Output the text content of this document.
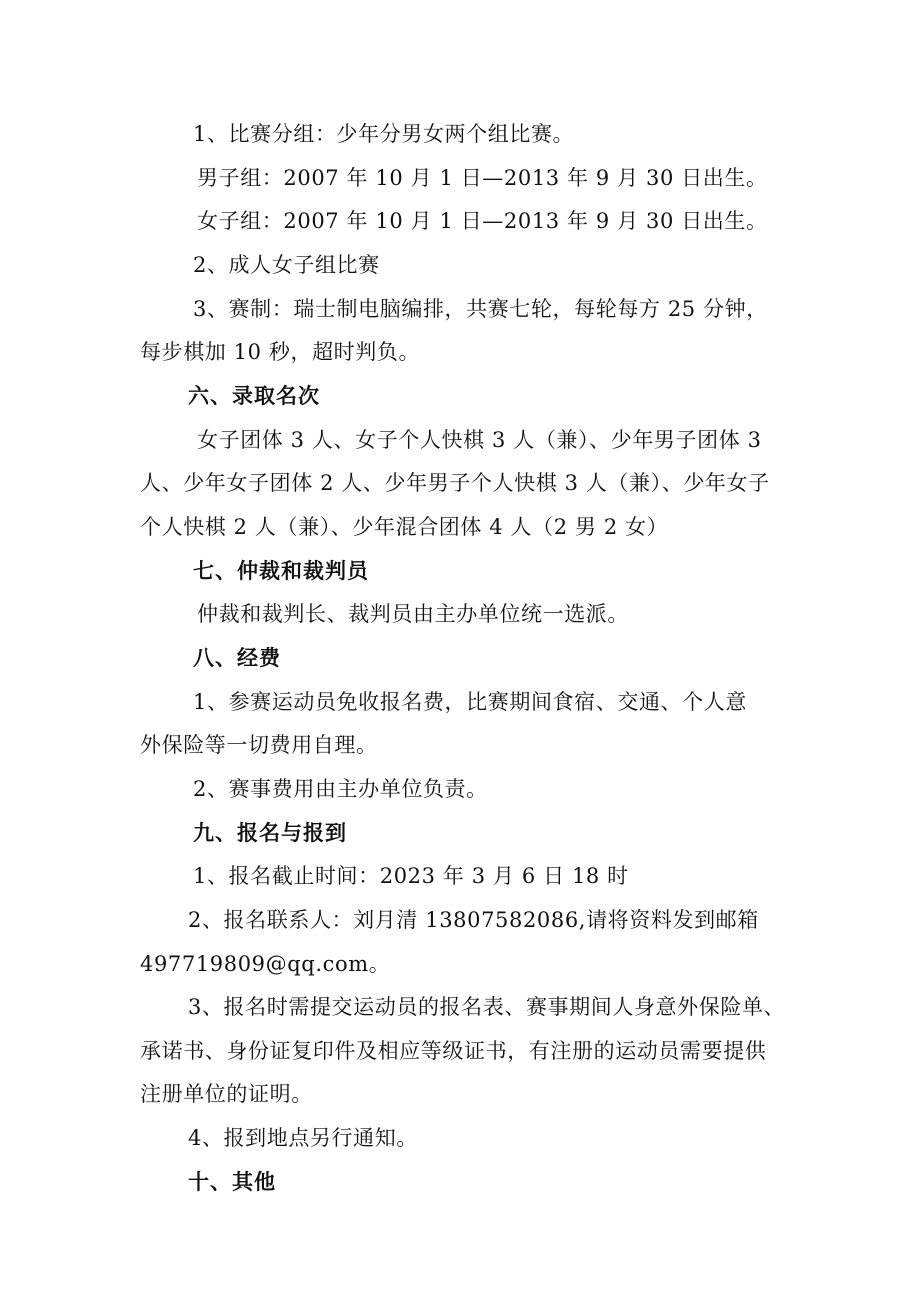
1、比赛分组：少年分男女两个组比赛。
男子组：2007 年 10 月 1 日—2013 年 9 月 30 日出生。
女子组：2007 年 10 月 1 日—2013 年 9 月 30 日出生。
2、成人女子组比赛
3、赛制：瑞士制电脑编排，共赛七轮，每轮每方 25 分钟，
每步棋加 10 秒，超时判负。
六、录取名次
女子团体 3 人、女子个人快棋 3 人（兼）、少年男子团体 3
人、少年女子团体 2 人、少年男子个人快棋 3 人（兼）、少年女子
个人快棋 2 人（兼）、少年混合团体 4 人（2 男 2 女）
七、仲裁和裁判员
仲裁和裁判长、裁判员由主办单位统一选派。
八、经费
1、参赛运动员免收报名费，比赛期间食宿、交通、个人意
外保险等一切费用自理。
2、赛事费用由主办单位负责。
九、报名与报到
1、报名截止时间：2023 年 3 月 6 日 18 时
2、报名联系人：刘月清 13807582086,请将资料发到邮箱
497719809@qq.com。
3、报名时需提交运动员的报名表、赛事期间人身意外保险单、
承诺书、身份证复印件及相应等级证书，有注册的运动员需要提供
注册单位的证明。
4、报到地点另行通知。
十、其他
